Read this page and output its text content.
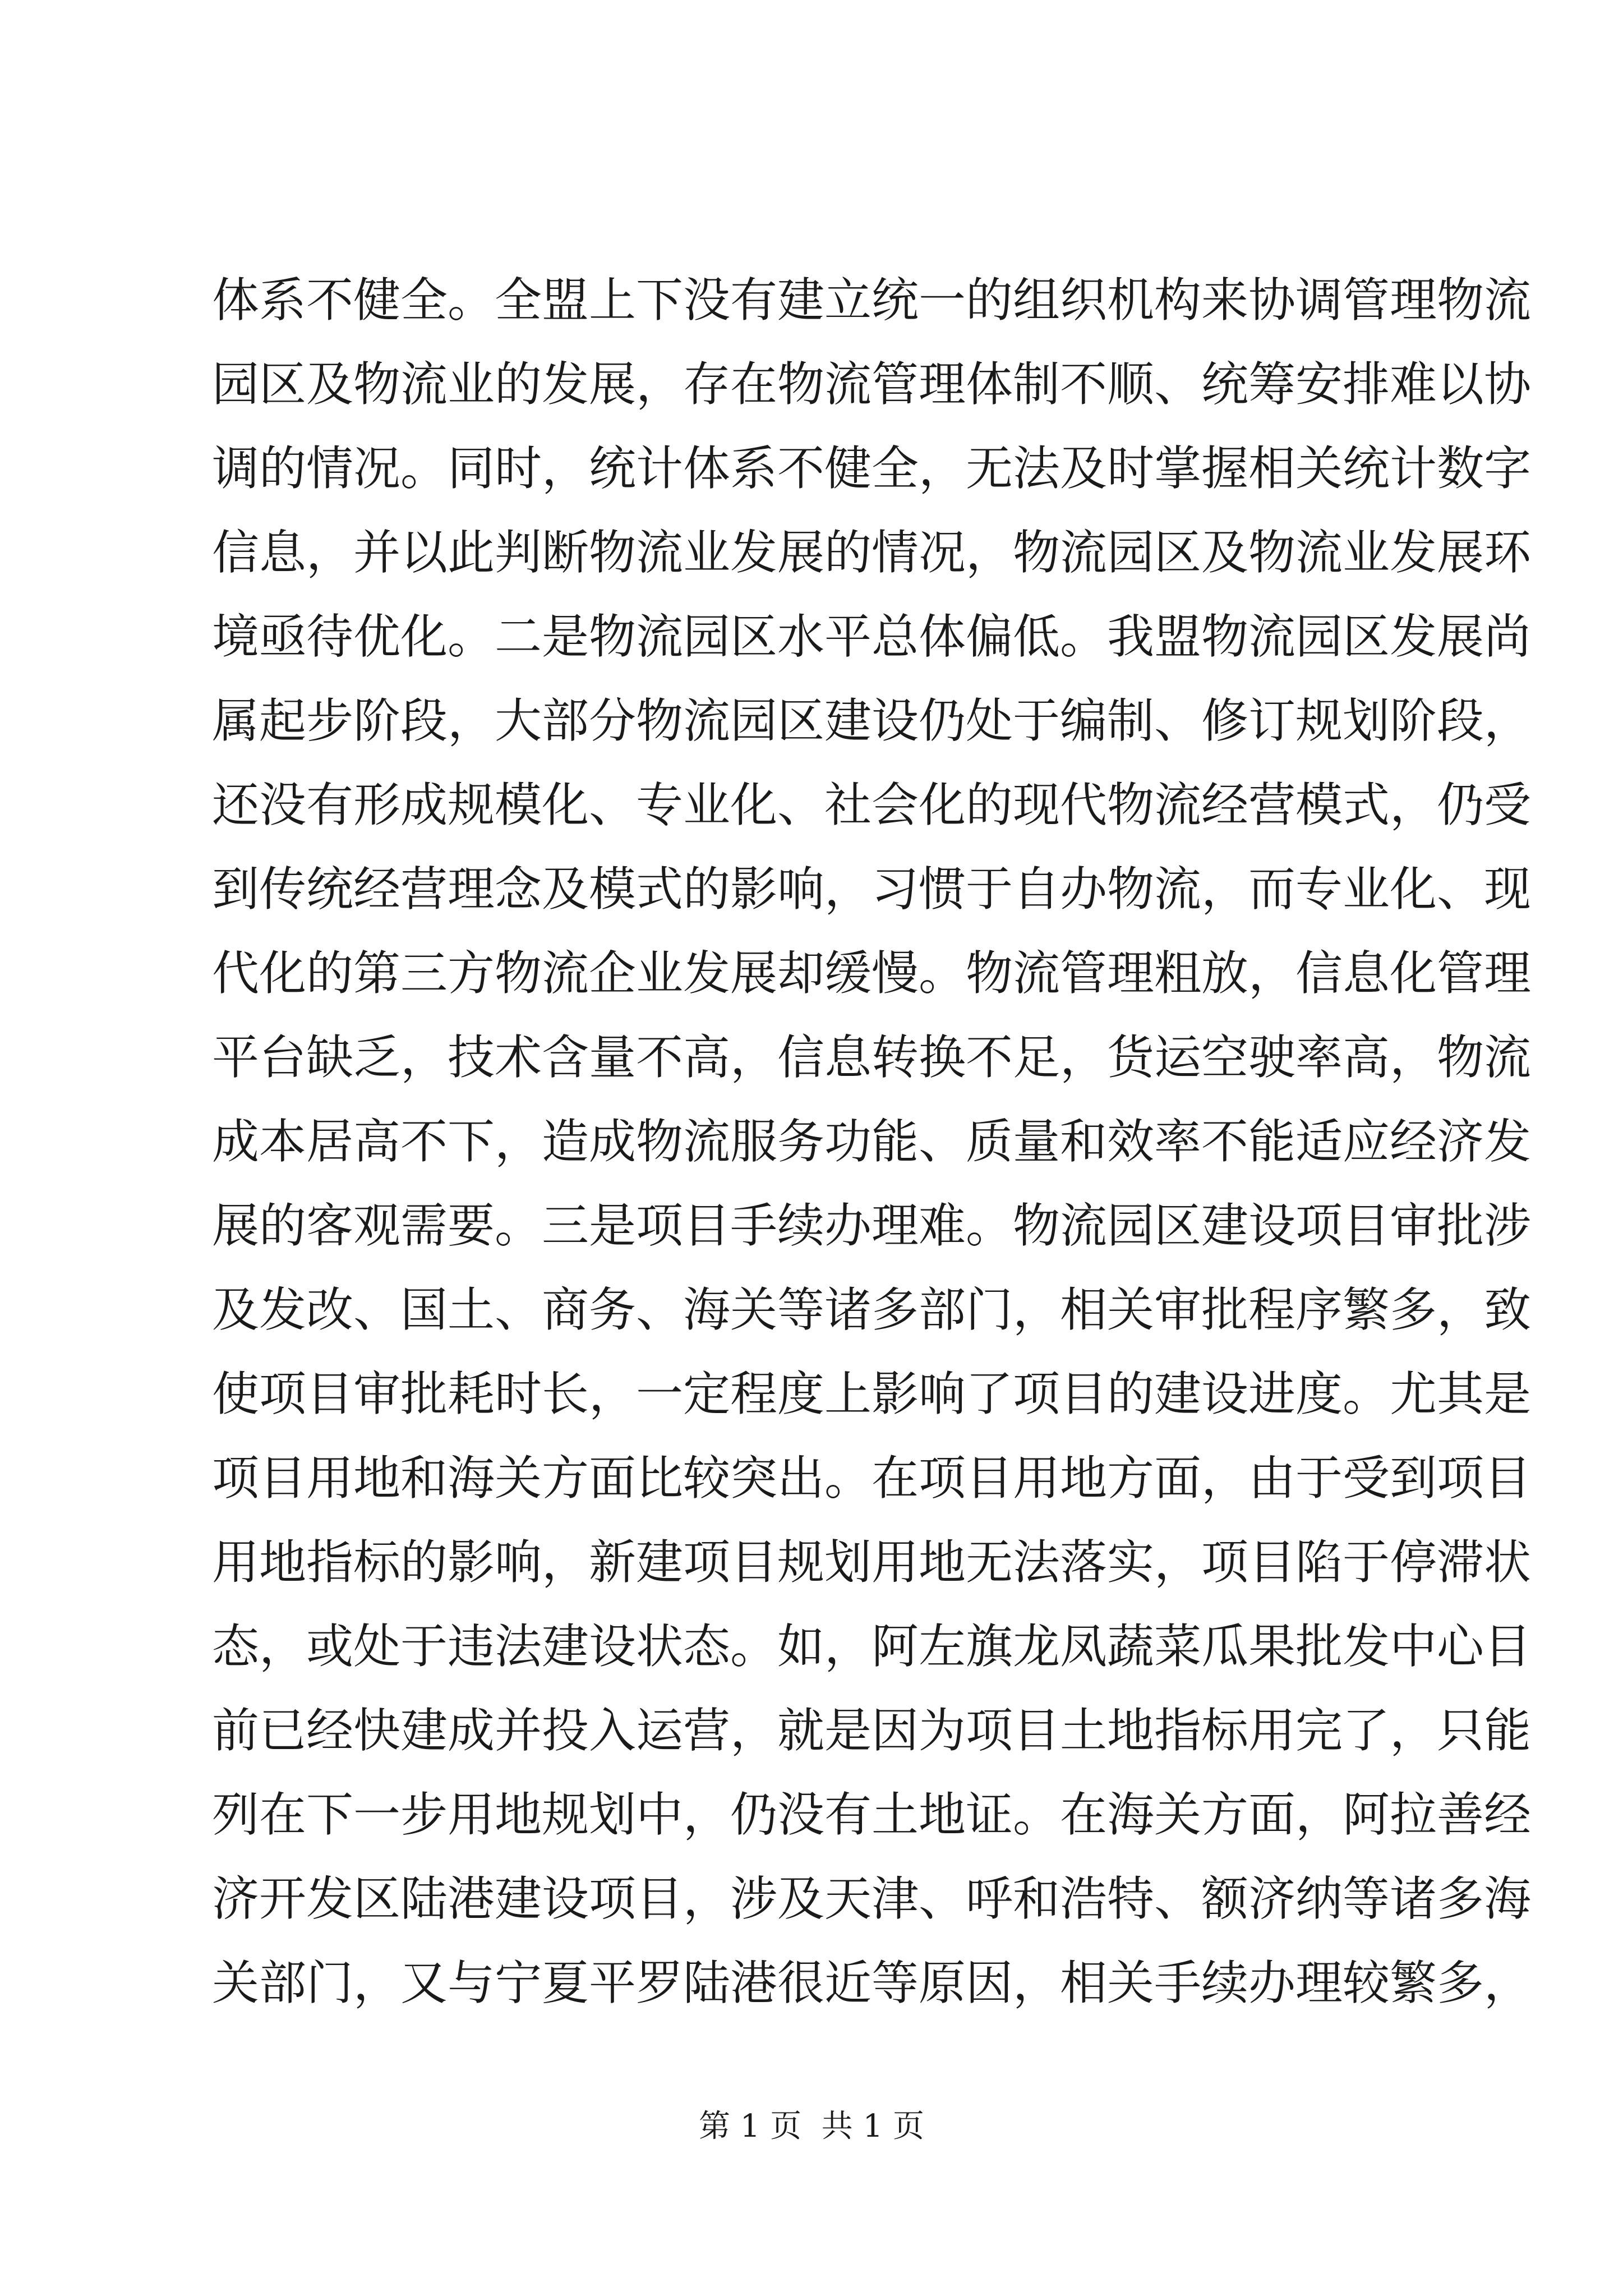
体系不健全。全盟上下没有建立统一的组织机构来协调管理物流
园区及物流业的发展，存在物流管理体制不顺、统筹安排难以协
调的情况。同时，统计体系不健全，无法及时掌握相关统计数字
信息，并以此判断物流业发展的情况，物流园区及物流业发展环
境亟待优化。二是物流园区水平总体偏低。我盟物流园区发展尚
属起步阶段，大部分物流园区建设仍处于编制、修订规划阶段，
还没有形成规模化、专业化、社会化的现代物流经营模式，仍受
到传统经营理念及模式的影响，习惯于自办物流，而专业化、现
代化的第三方物流企业发展却缓慢。物流管理粗放，信息化管理
平台缺乏，技术含量不高，信息转换不足，货运空驶率高，物流
成本居高不下，造成物流服务功能、质量和效率不能适应经济发
展的客观需要。三是项目手续办理难。物流园区建设项目审批涉
及发改、国土、商务、海关等诸多部门，相关审批程序繁多，致
使项目审批耗时长，一定程度上影响了项目的建设进度。尤其是
项目用地和海关方面比较突出。在项目用地方面，由于受到项目
用地指标的影响，新建项目规划用地无法落实，项目陷于停滞状
态，或处于违法建设状态。如，阿左旗龙凤蔬菜瓜果批发中心目
前已经快建成并投入运营，就是因为项目土地指标用完了，只能
列在下一步用地规划中，仍没有土地证。在海关方面，阿拉善经
济开发区陆港建设项目，涉及天津、呼和浩特、额济纳等诸多海
关部门，又与宁夏平罗陆港很近等原因，相关手续办理较繁多，
第 1 页  共 1 页
